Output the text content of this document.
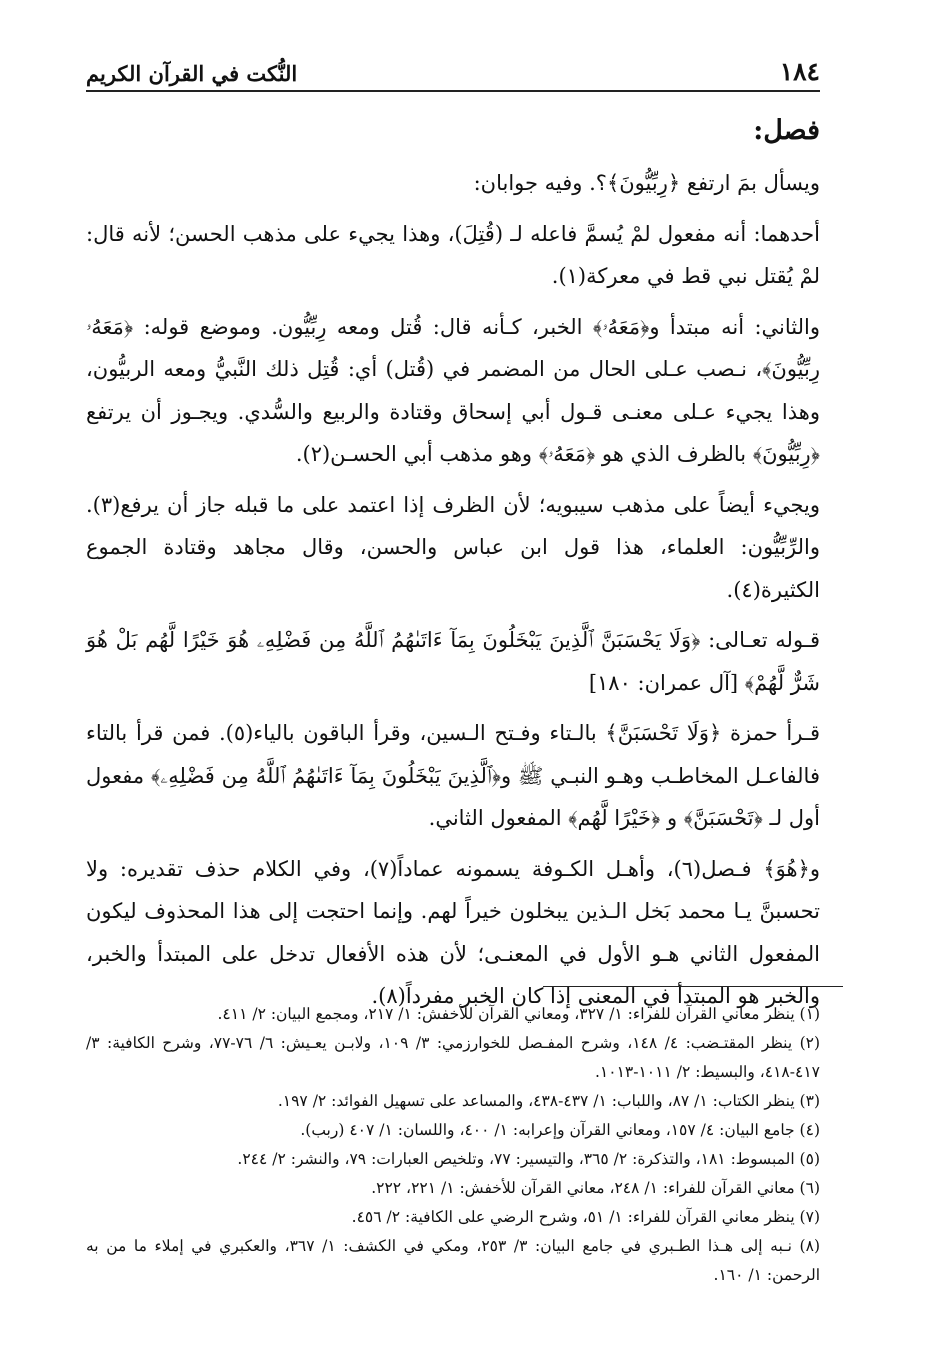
١٨٤
النُّكت في القرآن الكريم

فصل:

ويسأل بمَ ارتفع ﴿رِبِّيُّونَ﴾؟. وفيه جوابان:

أحدهما: أنه مفعول لمْ يُسمَّ فاعله لـ (قُتِلَ)، وهذا يجيء على مذهب الحسن؛ لأنه قال: لمْ يُقتل نبي قط في معركة(١).

والثاني: أنه مبتدأ و﴿مَعَهُۥ﴾ الخبر، كـأنه قال: قُتل ومعه رِبِّيُّون. وموضع قوله: ﴿مَعَهُۥ رِبِّيُّونَ﴾، نـصب عـلى الحال من المضمر في (قُتل) أي: قُتِل ذلك النَّبيُّ ومعه الربيُّون، وهذا يجيء عـلى معنـى قـول أبي إسحاق وقتادة والربيع والسُّدي. ويجـوز أن يرتفع ﴿رِبِّيُّونَ﴾ بالظرف الذي هو ﴿مَعَهُۥ﴾ وهو مذهب أبي الحسـن(٢).

ويجيء أيضاً على مذهب سيبويه؛ لأن الظرف إذا اعتمد على ما قبله جاز أن يرفع(٣). والرِّبِّيُّون: العلماء، هذا قول ابن عباس والحسن، وقال مجاهد وقتادة الجموع الكثيرة(٤).

قـوله تعـالى: ﴿وَلَا يَحْسَبَنَّ ٱلَّذِينَ يَبْخَلُونَ بِمَآ ءَاتَىٰهُمُ ٱللَّهُ مِن فَضْلِهِۦ هُوَ خَيْرًا لَّهُم بَلْ هُوَ شَرٌّ لَّهُمْ﴾ [آل عمران: ١٨٠]

قـرأ حمزة ﴿وَلَا تَحْسَبَنَّ﴾ بالـتاء وفـتح الـسين، وقرأ الباقون بالياء(٥). فمن قرأ بالتاء فالفاعـل المخاطـب وهـو النبـي ﷺ و﴿ٱلَّذِينَ يَبْخَلُونَ بِمَآ ءَاتَىٰهُمُ ٱللَّهُ مِن فَضْلِهِۦ﴾ مفعول أول لـ ﴿تَحْسَبَنَّ﴾ و ﴿خَيْرًا لَّهُم﴾ المفعول الثاني.

و﴿هُوَ﴾ فـصل(٦)، وأهـل الكـوفة يسمونه عماداً(٧)، وفي الكلام حذف تقديره: ولا تحسبنَّ يـا محمد بَخل الـذين يبخلون خيراً لهم. وإنما احتجت إلى هذا المحذوف ليكون المفعول الثاني هـو الأول في المعنـى؛ لأن هذه الأفعال تدخل على المبتدأ والخبر، والخبر هو المبتدأ في المعنى إذا كان الخبر مفرداً(٨).

(١) ينظر معاني القرآن للفراء: ١/ ٣٢٧، ومعاني القرآن للأخفش: ١/ ٢١٧، ومجمع البيان: ٢/ ٤١١.

(٢) ينظر المقتـضب: ٤/ ١٤٨، وشرح المفـصل للخوارزمي: ٣/ ١٠٩، ولابـن يعـيش: ٦/ ٧٦-٧٧، وشرح الكافية: ٣/ ٤١٧-٤١٨، والبسيط: ٢/ ١٠١١-١٠١٣.

(٣) ينظر الكتاب: ١/ ٨٧، واللباب: ١/ ٤٣٧-٤٣٨، والمساعد على تسهيل الفوائد: ٢/ ١٩٧.

(٤) جامع البيان: ٤/ ١٥٧، ومعاني القرآن وإعرابه: ١/ ٤٠٠، واللسان: ١/ ٤٠٧ (ربب).

(٥) المبسوط: ١٨١، والتذكرة: ٢/ ٣٦٥، والتيسير: ٧٧، وتلخيص العبارات: ٧٩، والنشر: ٢/ ٢٤٤.

(٦) معاني القرآن للفراء: ١/ ٢٤٨، معاني القرآن للأخفش: ١/ ٢٢١، ٢٢٢.

(٧) ينظر معاني القرآن للفراء: ١/ ٥١، وشرح الرضي على الكافية: ٢/ ٤٥٦.

(٨) نـبه إلى هـذا الطـبري في جامع البيان: ٣/ ٢٥٣، ومكي في الكشف: ١/ ٣٦٧، والعكبري في إملاء ما من به الرحمن: ١/ ١٦٠.
